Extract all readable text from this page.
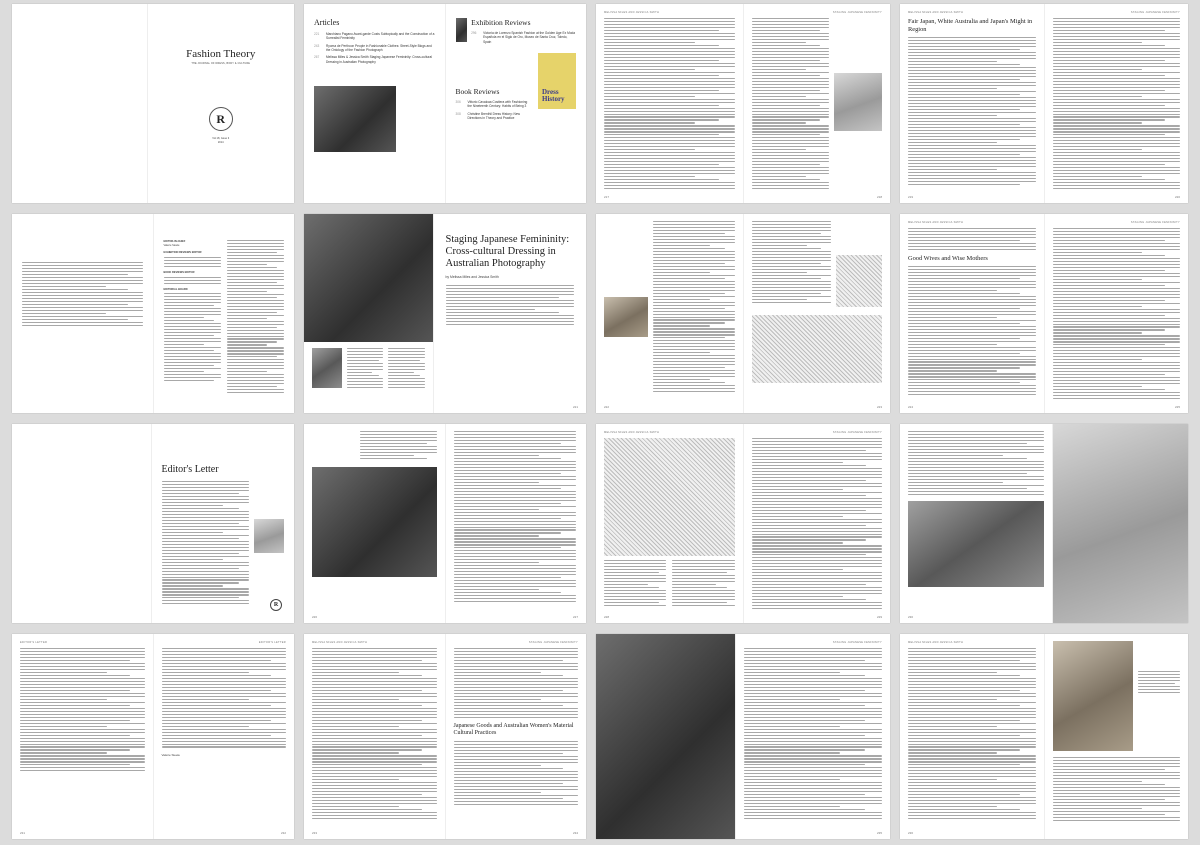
Fashion Theory
THE JOURNAL OF DRESS, BODY & CULTURE
R
Vol 18, Issue 3
2014
Articles
221	Marchiano Pagano Avant-garde Costs Subtopically and the Construction of a Surrealist Femininity
243	Ryoma de Perthcon People in Fashionable Clothes: Street-Style Blogs and the Ontology of the Fashion Photograph
267	Melissa Miles & Jessica Smith Staging Japanese Femininity: Cross-cultural Dressing in Australian Photography
Exhibition Reviews
296	Victoria de Lorenzo Spanish Fashion at the Golden Age Ex Moda Española en el Siglo de Oro, Museo de Santa Cruz, Toledo, Spain
Book Reviews
306	Vittorio Cavalcaa Costiera with Fashioning the Nineteenth Century: Habits of Being 3
308	Christine Brenthil Dress History: New Directions in Theory and Practice
Dress History
MELISSA MILES AND JESSICA SMITH
217
STAGING JAPANESE FEMININITY
218
MELISSA MILES AND JESSICA SMITH
Fair Japan, White Australia and Japan's Might in Region
219
STAGING JAPANESE FEMININITY
220
EDITOR-IN-CHIEF
Valerie Steele
EXHIBITION REVIEWS EDITOR
BOOK REVIEWS EDITOR
EDITORIAL BOARD
Staging Japanese Femininity: Cross-cultural Dressing in Australian Photography
by Melissa Miles and Jessica Smith
221	222	223
MELISSA MILES AND JESSICA SMITH
Good Wives and Wise Mothers
224
STAGING JAPANESE FEMININITY
225
Editor's Letter
R
226	227
MELISSA MILES AND JESSICA SMITH
228
STAGING JAPANESE FEMININITY
229	230
EDITOR'S LETTER
231
EDITOR'S LETTER
Valerie Steele
232
MELISSA MILES AND JESSICA SMITH
233
STAGING JAPANESE FEMININITY
Japanese Goods and Australian Women's Material Cultural Practices
234
STAGING JAPANESE FEMININITY
235
MELISSA MILES AND JESSICA SMITH
236
